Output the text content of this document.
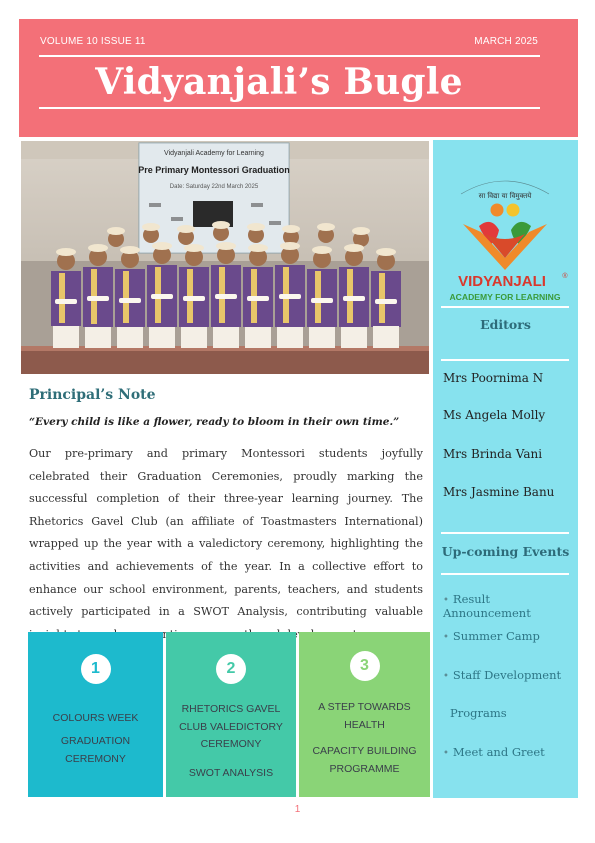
VOLUME 10 ISSUE 11	MARCH 2025
Vidyanjali’s Bugle
Vidyanjali Academy for Learning
Pre Primary Montessori Graduation
Date: Saturday 22nd March 2025
सा विद्या या विमुक्तये
VIDYANJALI ®
ACADEMY FOR LEARNING
Editors
Mrs Poornima N
Ms Angela Molly
Mrs Brinda Vani
Mrs Jasmine Banu
Up-coming Events
• Result Announcement
• Summer Camp
• Staff Development
Programs
• Meet and Greet
Principal’s Note
“Every child is like a flower, ready to bloom in their own time.”
Our pre-primary and primary Montessori students joyfully celebrated their Graduation Ceremonies, proudly marking the successful completion of their three-year learning journey. The Rhetorics Gavel Club (an affiliate of Toastmasters International) wrapped up the year with a valedictory ceremony, highlighting the activities and achievements of the year. In a collective effort to enhance our school environment, parents, teachers, and students actively participated in a SWOT Analysis, contributing valuable
1
COLOURS WEEK
GRADUATION CEREMONY
2
RHETORICS GAVEL CLUB VALEDICTORY CEREMONY
SWOT ANALYSIS
3
A STEP TOWARDS HEALTH
CAPACITY BUILDING PROGRAMME
1
